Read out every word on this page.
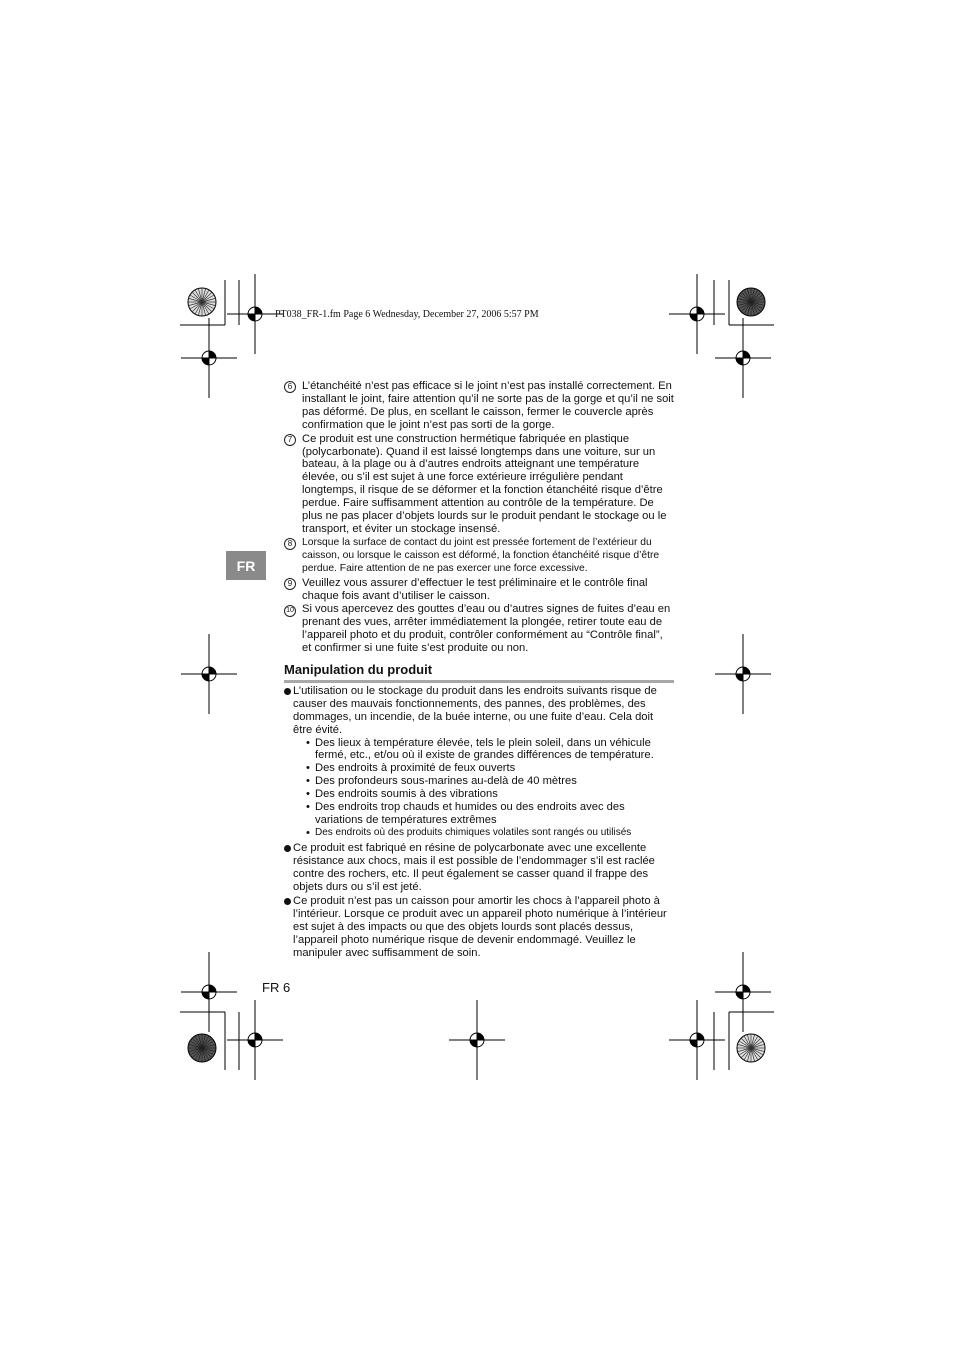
PT038_FR-1.fm Page 6 Wednesday, December 27, 2006 5:57 PM
FR
6 L’étanchéité n’est pas efficace si le joint n’est pas installé correctement. En installant le joint, faire attention qu’il ne sorte pas de la gorge et qu’il ne soit pas déformé. De plus, en scellant le caisson, fermer le couvercle après confirmation que le joint n’est pas sorti de la gorge.
7 Ce produit est une construction hermétique fabriquée en plastique (polycarbonate). Quand il est laissé longtemps dans une voiture, sur un bateau, à la plage ou à d’autres endroits atteignant une température élevée, ou s’il est sujet à une force extérieure irrégulière pendant longtemps, il risque de se déformer et la fonction étanchéité risque d’être perdue. Faire suffisamment attention au contrôle de la température. De plus ne pas placer d’objets lourds sur le produit pendant le stockage ou le transport, et éviter un stockage insensé.
8 Lorsque la surface de contact du joint est pressée fortement de l’extérieur du caisson, ou lorsque le caisson est déformé, la fonction étanchéité risque d’être perdue. Faire attention de ne pas exercer une force excessive.
9 Veuillez vous assurer d’effectuer le test préliminaire et le contrôle final chaque fois avant d’utiliser le caisson.
10 Si vous apercevez des gouttes d’eau ou d’autres signes de fuites d’eau en prenant des vues, arrêter immédiatement la plongée, retirer toute eau de l’appareil photo et du produit, contrôler conformément au “Contrôle final”, et confirmer si une fuite s’est produite ou non.
Manipulation du produit
L’utilisation ou le stockage du produit dans les endroits suivants risque de causer des mauvais fonctionnements, des pannes, des problèmes, des dommages, un incendie, de la buée interne, ou une fuite d’eau. Cela doit être évité.
• Des lieux à température élevée, tels le plein soleil, dans un véhicule fermé, etc., et/ou où il existe de grandes différences de température.
• Des endroits à proximité de feux ouverts
• Des profondeurs sous-marines au-delà de 40 mètres
• Des endroits soumis à des vibrations
• Des endroits trop chauds et humides ou des endroits avec des variations de températures extrêmes
• Des endroits où des produits chimiques volatiles sont rangés ou utilisés
Ce produit est fabriqué en résine de polycarbonate avec une excellente résistance aux chocs, mais il est possible de l’endommager s’il est raclée contre des rochers, etc. Il peut également se casser quand il frappe des objets durs ou s’il est jeté.
Ce produit n’est pas un caisson pour amortir les chocs à l’appareil photo à l’intérieur. Lorsque ce produit avec un appareil photo numérique à l’intérieur est sujet à des impacts ou que des objets lourds sont placés dessus, l’appareil photo numérique risque de devenir endommagé. Veuillez le manipuler avec suffisamment de soin.
FR 6
